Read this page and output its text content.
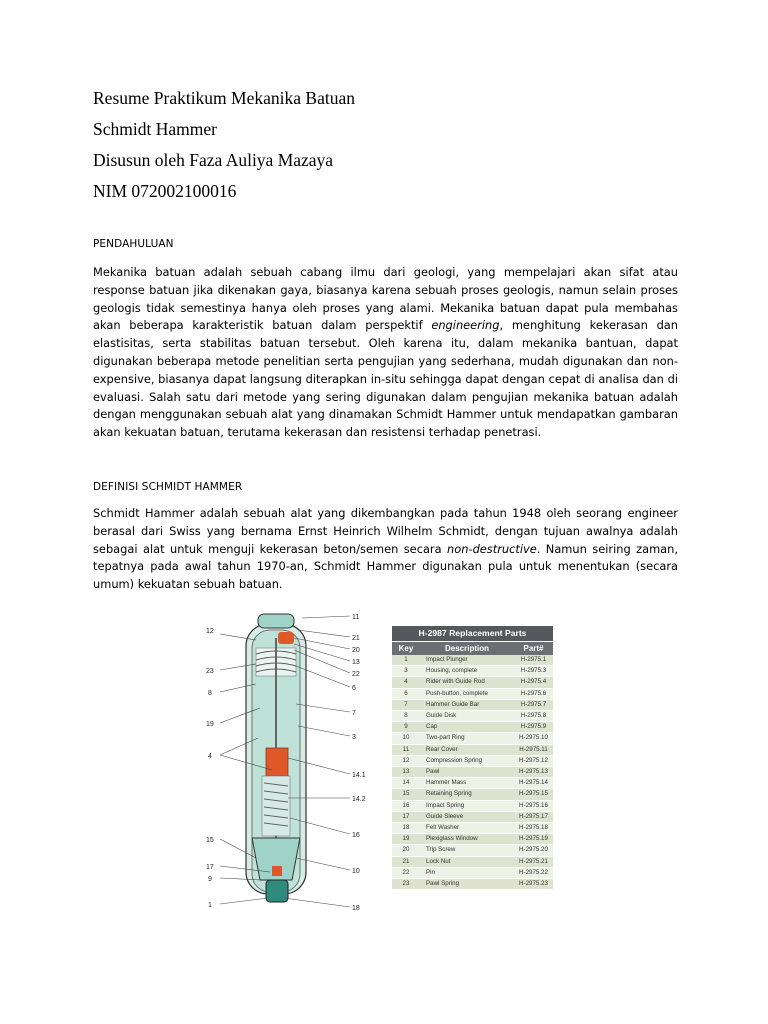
Resume Praktikum Mekanika Batuan
Schmidt Hammer
Disusun oleh Faza Auliya Mazaya
NIM 072002100016
PENDAHULUAN
Mekanika batuan adalah sebuah cabang ilmu dari geologi, yang mempelajari akan sifat atau
response batuan jika dikenakan gaya, biasanya karena sebuah proses geologis, namun selain proses
geologis tidak semestinya hanya oleh proses yang alami. Mekanika batuan dapat pula membahas
akan beberapa karakteristik batuan dalam perspektif engineering, menghitung kekerasan dan
elastisitas, serta stabilitas batuan tersebut. Oleh karena itu, dalam mekanika bantuan, dapat
digunakan beberapa metode penelitian serta pengujian yang sederhana, mudah digunakan dan non-
expensive, biasanya dapat langsung diterapkan in-situ sehingga dapat dengan cepat di analisa dan di
evaluasi. Salah satu dari metode yang sering digunakan dalam pengujian mekanika batuan adalah
dengan menggunakan sebuah alat yang dinamakan Schmidt Hammer untuk mendapatkan gambaran
akan kekuatan batuan, terutama kekerasan dan resistensi terhadap penetrasi.
DEFINISI SCHMIDT HAMMER
Schmidt Hammer adalah sebuah alat yang dikembangkan pada tahun 1948 oleh seorang engineer
berasal dari Swiss yang bernama Ernst Heinrich Wilhelm Schmidt, dengan tujuan awalnya adalah
sebagai alat untuk menguji kekerasan beton/semen secara non-destructive. Namun seiring zaman,
tepatnya pada awal tahun 1970-an, Schmidt Hammer digunakan pula untuk menentukan (secara
umum) kekuatan sebuah batuan.
12
23
8
19
4
15
17
9
1
11
21
20
13
22
6
7
3
14.1
14.2
16
10
18
H-2987 Replacement Parts		
Key	Description	Part#
1	Impact Plunger	H-2975.1
3	Housing, complete	H-2975.3
4	Rider with Guide Rod	H-2975.4
6	Push-button, complete	H-2975.6
7	Hammer Guide Bar	H-2975.7
8	Guide Disk	H-2975.8
9	Cap	H-2975.9
10	Two-part Ring	H-2975.10
11	Rear Cover	H-2975.11
12	Compression Spring	H-2975.12
13	Pawl	H-2975.13
14	Hammer Mass	H-2975.14
15	Retaining Spring	H-2975.15
16	Impact Spring	H-2975.16
17	Guide Sleeve	H-2975.17
18	Felt Washer	H-2975.18
19	Plexiglass Window	H-2975.19
20	Trip Screw	H-2975.20
21	Lock Nut	H-2975.21
22	Pin	H-2975.22
23	Pawl Spring	H-2975.23
